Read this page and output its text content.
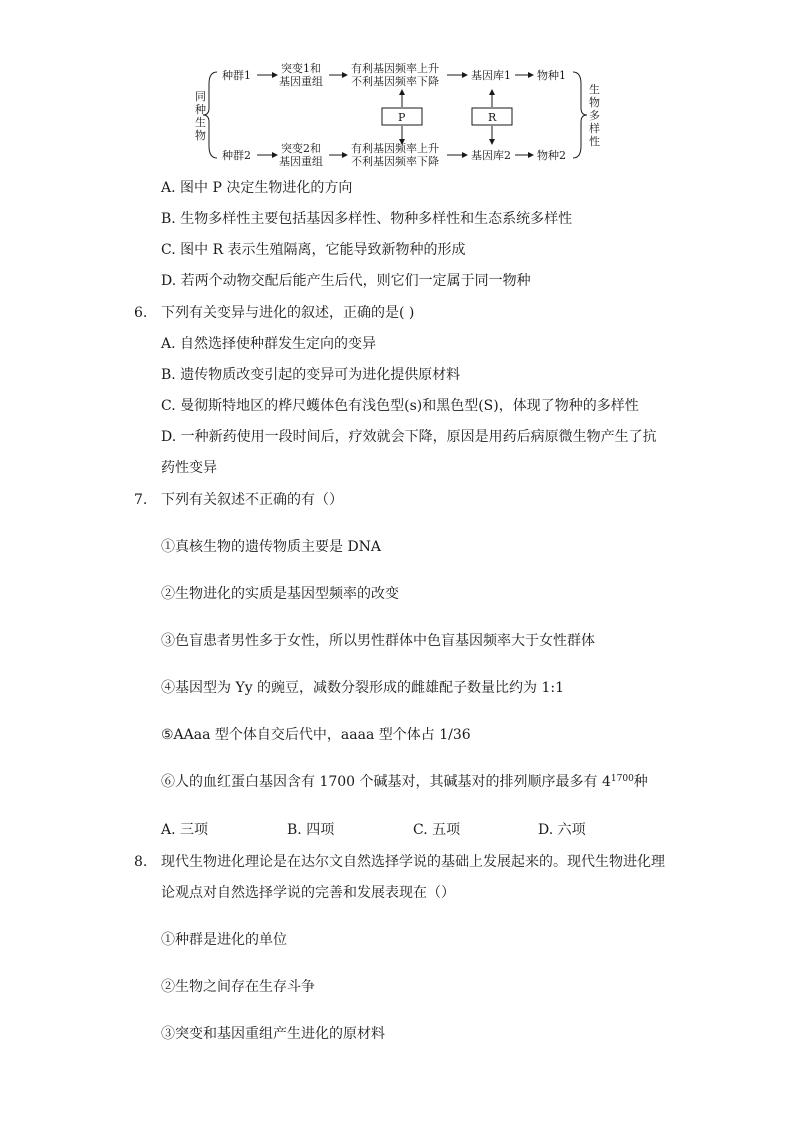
同
种
生
物
生
物
多
样
性
种群1
突变1和
基因重组
有利基因频率上升
不利基因频率下降	基因库1 物种1
P	R
种群2
突变2和
基因重组
有利基因频率上升
不利基因频率下降	基因库2 物种2
A. 图中 P 决定生物进化的方向
B. 生物多样性主要包括基因多样性、物种多样性和生态系统多样性
C. 图中 R 表示生殖隔离，它能导致新物种的形成
D. 若两个动物交配后能产生后代，则它们一定属于同一物种
6. 下列有关变异与进化的叙述，正确的是( )
A. 自然选择使种群发生定向的变异
B. 遗传物质改变引起的变异可为进化提供原材料
C. 曼彻斯特地区的桦尺蠖体色有浅色型(s)和黑色型(S)，体现了物种的多样性
D. 一种新药使用一段时间后，疗效就会下降，原因是用药后病原微生物产生了抗
药性变异
7. 下列有关叙述不正确的有（）
①真核生物的遗传物质主要是 DNA
②生物进化的实质是基因型频率的改变
③色盲患者男性多于女性，所以男性群体中色盲基因频率大于女性群体
④基因型为 Yy 的豌豆，减数分裂形成的雌雄配子数量比约为 1:1
⑤AAaa 型个体自交后代中，aaaa 型个体占 1/36
⑥人的血红蛋白基因含有 1700 个碱基对，其碱基对的排列顺序最多有 $4^{1700}$种
A. 三项	B. 四项	C. 五项	D. 六项
8. 现代生物进化理论是在达尔文自然选择学说的基础上发展起来的。现代生物进化理
论观点对自然选择学说的完善和发展表现在（）
①种群是进化的单位
②生物之间存在生存斗争
③突变和基因重组产生进化的原材料
